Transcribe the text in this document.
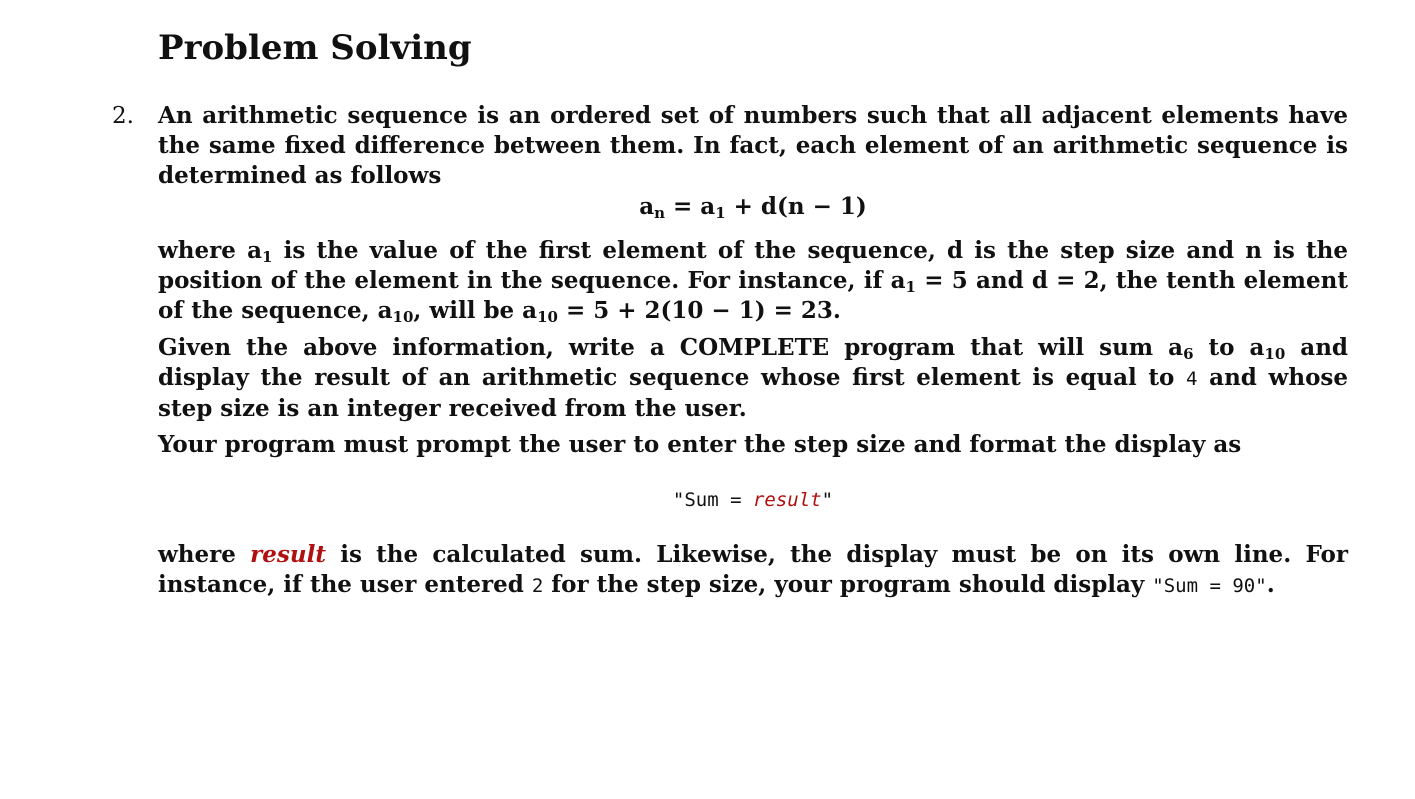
Problem Solving
2. An arithmetic sequence is an ordered set of numbers such that all adjacent elements have the same fixed difference between them. In fact, each element of an arithmetic sequence is determined as follows

$a_n = a_1 + d(n - 1)$

where $a_1$ is the value of the first element of the sequence, d is the step size and n is the position of the element in the sequence. For instance, if $a_1 = 5$ and d = 2, the tenth element of the sequence, $a_{10}$, will be $a_{10} = 5 + 2(10 - 1) = 23$.

Given the above information, write a COMPLETE program that will sum $a_6$ to $a_{10}$ and display the result of an arithmetic sequence whose first element is equal to 4 and whose step size is an integer received from the user.

Your program must prompt the user to enter the step size and format the display as

"Sum = result"

where result is the calculated sum. Likewise, the display must be on its own line. For instance, if the user entered 2 for the step size, your program should display "Sum = 90".
